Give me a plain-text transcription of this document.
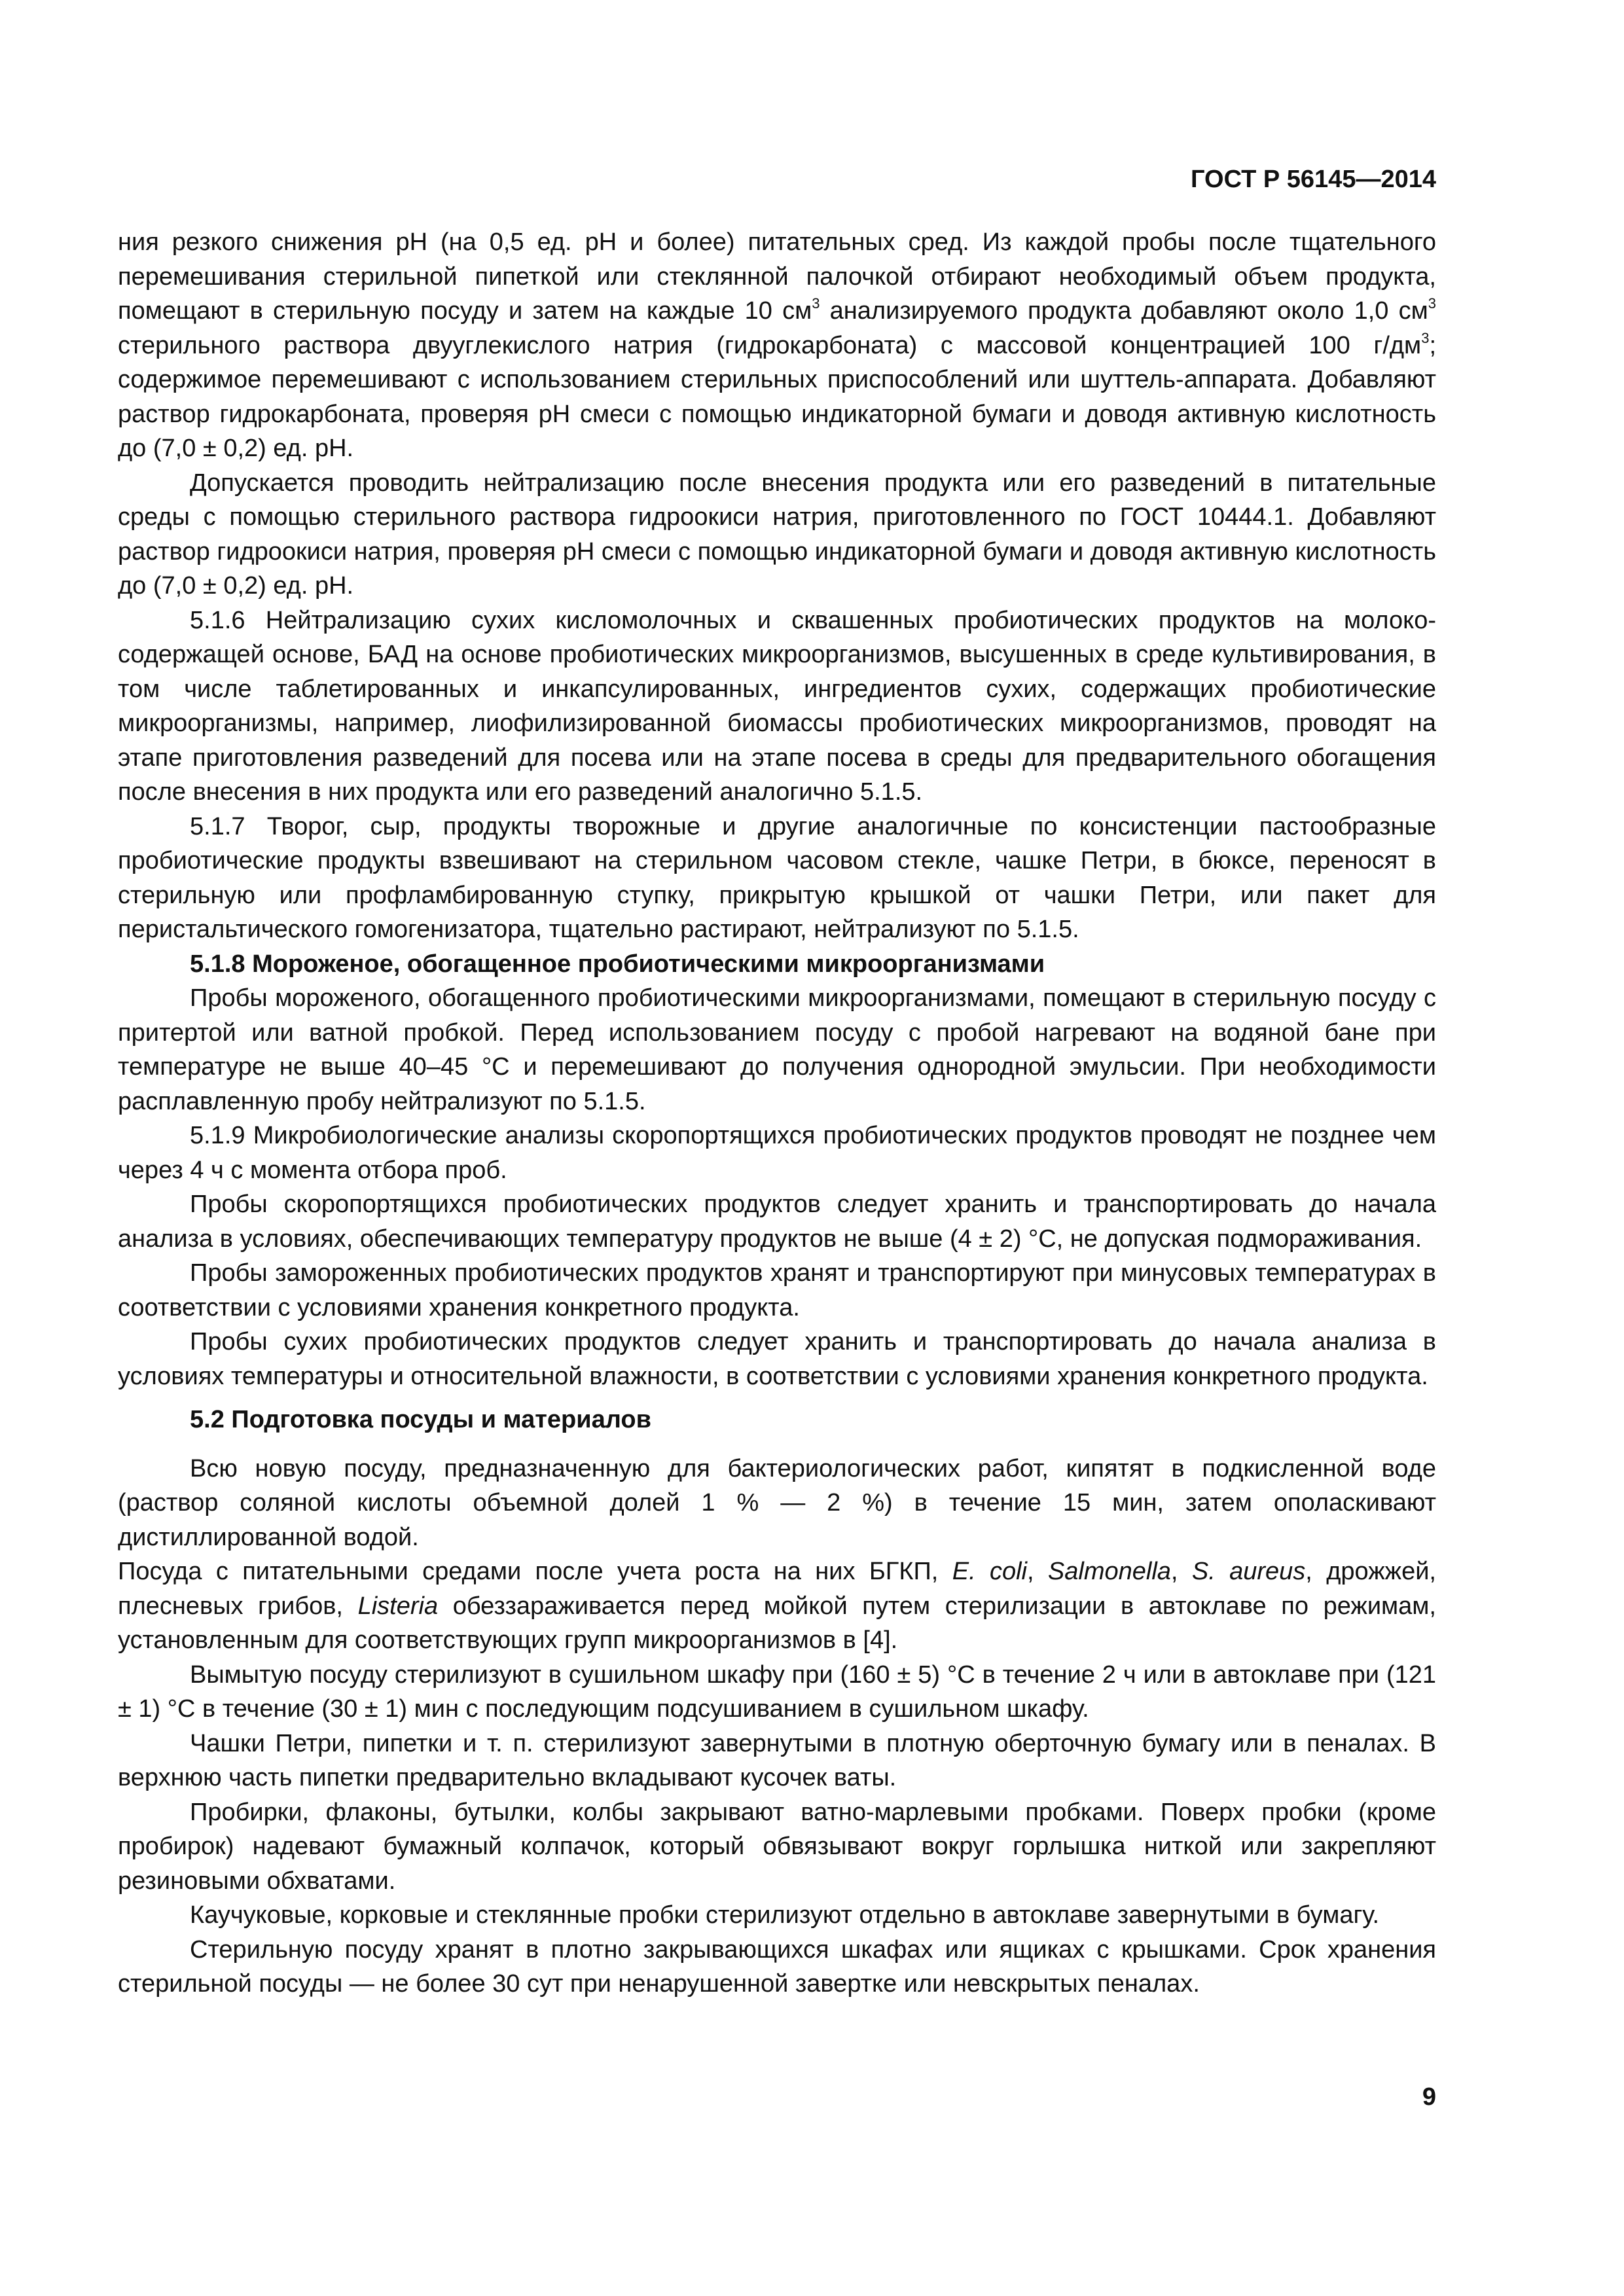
ГОСТ Р 56145—2014

ния резкого снижения pH (на 0,5 ед. pH и более) питательных сред. Из каждой пробы после тщательного перемешивания стерильной пипеткой или стеклянной палочкой отбирают необходимый объем продукта, помещают в стерильную посуду и затем на каждые 10 $см^3$ анализируемого продукта добавляют около 1,0 $см^3$ стерильного раствора двууглекислого натрия (гидрокарбоната) с массовой концентрацией 100 $г/дм^3$; содержимое перемешивают с использованием стерильных приспособлений или шуттель-аппарата. Добавляют раствор гидрокарбоната, проверяя pH смеси с помощью индикаторной бумаги и доводя активную кислотность до (7,0 ± 0,2) ед. pH.

Допускается проводить нейтрализацию после внесения продукта или его разведений в питательные среды с помощью стерильного раствора гидроокиси натрия, приготовленного по ГОСТ 10444.1. Добавляют раствор гидроокиси натрия, проверяя pH смеси с помощью индикаторной бумаги и доводя активную кислотность до (7,0 ± 0,2) ед. pH.

5.1.6 Нейтрализацию сухих кисломолочных и сквашенных пробиотических продуктов на молокосодержащей основе, БАД на основе пробиотических микроорганизмов, высушенных в среде культивирования, в том числе таблетированных и инкапсулированных, ингредиентов сухих, содержащих пробиотические микроорганизмы, например, лиофилизированной биомассы пробиотических микроорганизмов, проводят на этапе приготовления разведений для посева или на этапе посева в среды для предварительного обогащения после внесения в них продукта или его разведений аналогично 5.1.5.

5.1.7 Творог, сыр, продукты творожные и другие аналогичные по консистенции пастообразные пробиотические продукты взвешивают на стерильном часовом стекле, чашке Петри, в бюксе, переносят в стерильную или профламбированную ступку, прикрытую крышкой от чашки Петри, или пакет для перистальтического гомогенизатора, тщательно растирают, нейтрализуют по 5.1.5.

5.1.8 Мороженое, обогащенное пробиотическими микроорганизмами

Пробы мороженого, обогащенного пробиотическими микроорганизмами, помещают в стерильную посуду с притертой или ватной пробкой. Перед использованием посуду с пробой нагревают на водяной бане при температуре не выше 40–45 °С и перемешивают до получения однородной эмульсии. При необходимости расплавленную пробу нейтрализуют по 5.1.5.

5.1.9 Микробиологические анализы скоропортящихся пробиотических продуктов проводят не позднее чем через 4 ч с момента отбора проб.

Пробы скоропортящихся пробиотических продуктов следует хранить и транспортировать до начала анализа в условиях, обеспечивающих температуру продуктов не выше (4 ± 2) °С, не допуская подмораживания.

Пробы замороженных пробиотических продуктов хранят и транспортируют при минусовых температурах в соответствии с условиями хранения конкретного продукта.

Пробы сухих пробиотических продуктов следует хранить и транспортировать до начала анализа в условиях температуры и относительной влажности, в соответствии с условиями хранения конкретного продукта.

5.2 Подготовка посуды и материалов

Всю новую посуду, предназначенную для бактериологических работ, кипятят в подкисленной воде (раствор соляной кислоты объемной долей 1 % — 2 %) в течение 15 мин, затем ополаскивают дистиллированной водой.

Посуда с питательными средами после учета роста на них БГКП, E. coli, Salmonella, S. aureus, дрожжей, плесневых грибов, Listeria обеззараживается перед мойкой путем стерилизации в автоклаве по режимам, установленным для соответствующих групп микроорганизмов в [4].

Вымытую посуду стерилизуют в сушильном шкафу при (160 ± 5) °С в течение 2 ч или в автоклаве при (121 ± 1) °С в течение (30 ± 1) мин с последующим подсушиванием в сушильном шкафу.

Чашки Петри, пипетки и т. п. стерилизуют завернутыми в плотную оберточную бумагу или в пеналах. В верхнюю часть пипетки предварительно вкладывают кусочек ваты.

Пробирки, флаконы, бутылки, колбы закрывают ватно-марлевыми пробками. Поверх пробки (кроме пробирок) надевают бумажный колпачок, который обвязывают вокруг горлышка ниткой или закрепляют резиновыми обхватами.

Каучуковые, корковые и стеклянные пробки стерилизуют отдельно в автоклаве завернутыми в бумагу.

Стерильную посуду хранят в плотно закрывающихся шкафах или ящиках с крышками. Срок хранения стерильной посуды — не более 30 сут при ненарушенной завертке или невскрытых пеналах.

9
